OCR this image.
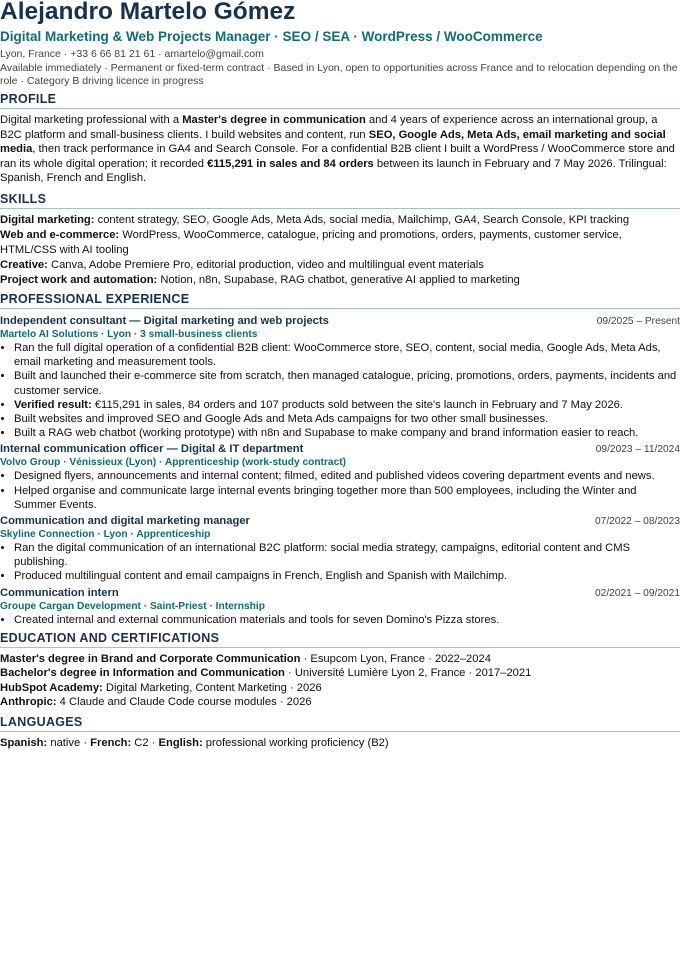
Alejandro Martelo Gómez
Digital Marketing & Web Projects Manager · SEO / SEA · WordPress / WooCommerce
Lyon, France · +33 6 66 81 21 61 · amartelo@gmail.com
Available immediately · Permanent or fixed-term contract · Based in Lyon, open to opportunities across France and to relocation depending on the role · Category B driving licence in progress
PROFILE
Digital marketing professional with a Master's degree in communication and 4 years of experience across an international group, a B2C platform and small-business clients. I build websites and content, run SEO, Google Ads, Meta Ads, email marketing and social media, then track performance in GA4 and Search Console. For a confidential B2B client I built a WordPress / WooCommerce store and ran its whole digital operation; it recorded €115,291 in sales and 84 orders between its launch in February and 7 May 2026. Trilingual: Spanish, French and English.
SKILLS
Digital marketing: content strategy, SEO, Google Ads, Meta Ads, social media, Mailchimp, GA4, Search Console, KPI tracking
Web and e-commerce: WordPress, WooCommerce, catalogue, pricing and promotions, orders, payments, customer service, HTML/CSS with AI tooling
Creative: Canva, Adobe Premiere Pro, editorial production, video and multilingual event materials
Project work and automation: Notion, n8n, Supabase, RAG chatbot, generative AI applied to marketing
PROFESSIONAL EXPERIENCE
Independent consultant — Digital marketing and web projects	09/2025 – Present
Martelo AI Solutions · Lyon · 3 small-business clients
• Ran the full digital operation of a confidential B2B client: WooCommerce store, SEO, content, social media, Google Ads, Meta Ads, email marketing and measurement tools.
• Built and launched their e-commerce site from scratch, then managed catalogue, pricing, promotions, orders, payments, incidents and customer service.
• Verified result: €115,291 in sales, 84 orders and 107 products sold between the site's launch in February and 7 May 2026.
• Built websites and improved SEO and Google Ads and Meta Ads campaigns for two other small businesses.
• Built a RAG web chatbot (working prototype) with n8n and Supabase to make company and brand information easier to reach.
Internal communication officer — Digital & IT department	09/2023 – 11/2024
Volvo Group · Vénissieux (Lyon) · Apprenticeship (work-study contract)
• Designed flyers, announcements and internal content; filmed, edited and published videos covering department events and news.
• Helped organise and communicate large internal events bringing together more than 500 employees, including the Winter and Summer Events.
Communication and digital marketing manager	07/2022 – 08/2023
Skyline Connection · Lyon · Apprenticeship
• Ran the digital communication of an international B2C platform: social media strategy, campaigns, editorial content and CMS publishing.
• Produced multilingual content and email campaigns in French, English and Spanish with Mailchimp.
Communication intern	02/2021 – 09/2021
Groupe Cargan Development · Saint-Priest · Internship
• Created internal and external communication materials and tools for seven Domino's Pizza stores.
EDUCATION AND CERTIFICATIONS
Master's degree in Brand and Corporate Communication · Esupcom Lyon, France · 2022–2024
Bachelor's degree in Information and Communication · Université Lumière Lyon 2, France · 2017–2021
HubSpot Academy: Digital Marketing, Content Marketing · 2026
Anthropic: 4 Claude and Claude Code course modules · 2026
LANGUAGES
Spanish: native · French: C2 · English: professional working proficiency (B2)
